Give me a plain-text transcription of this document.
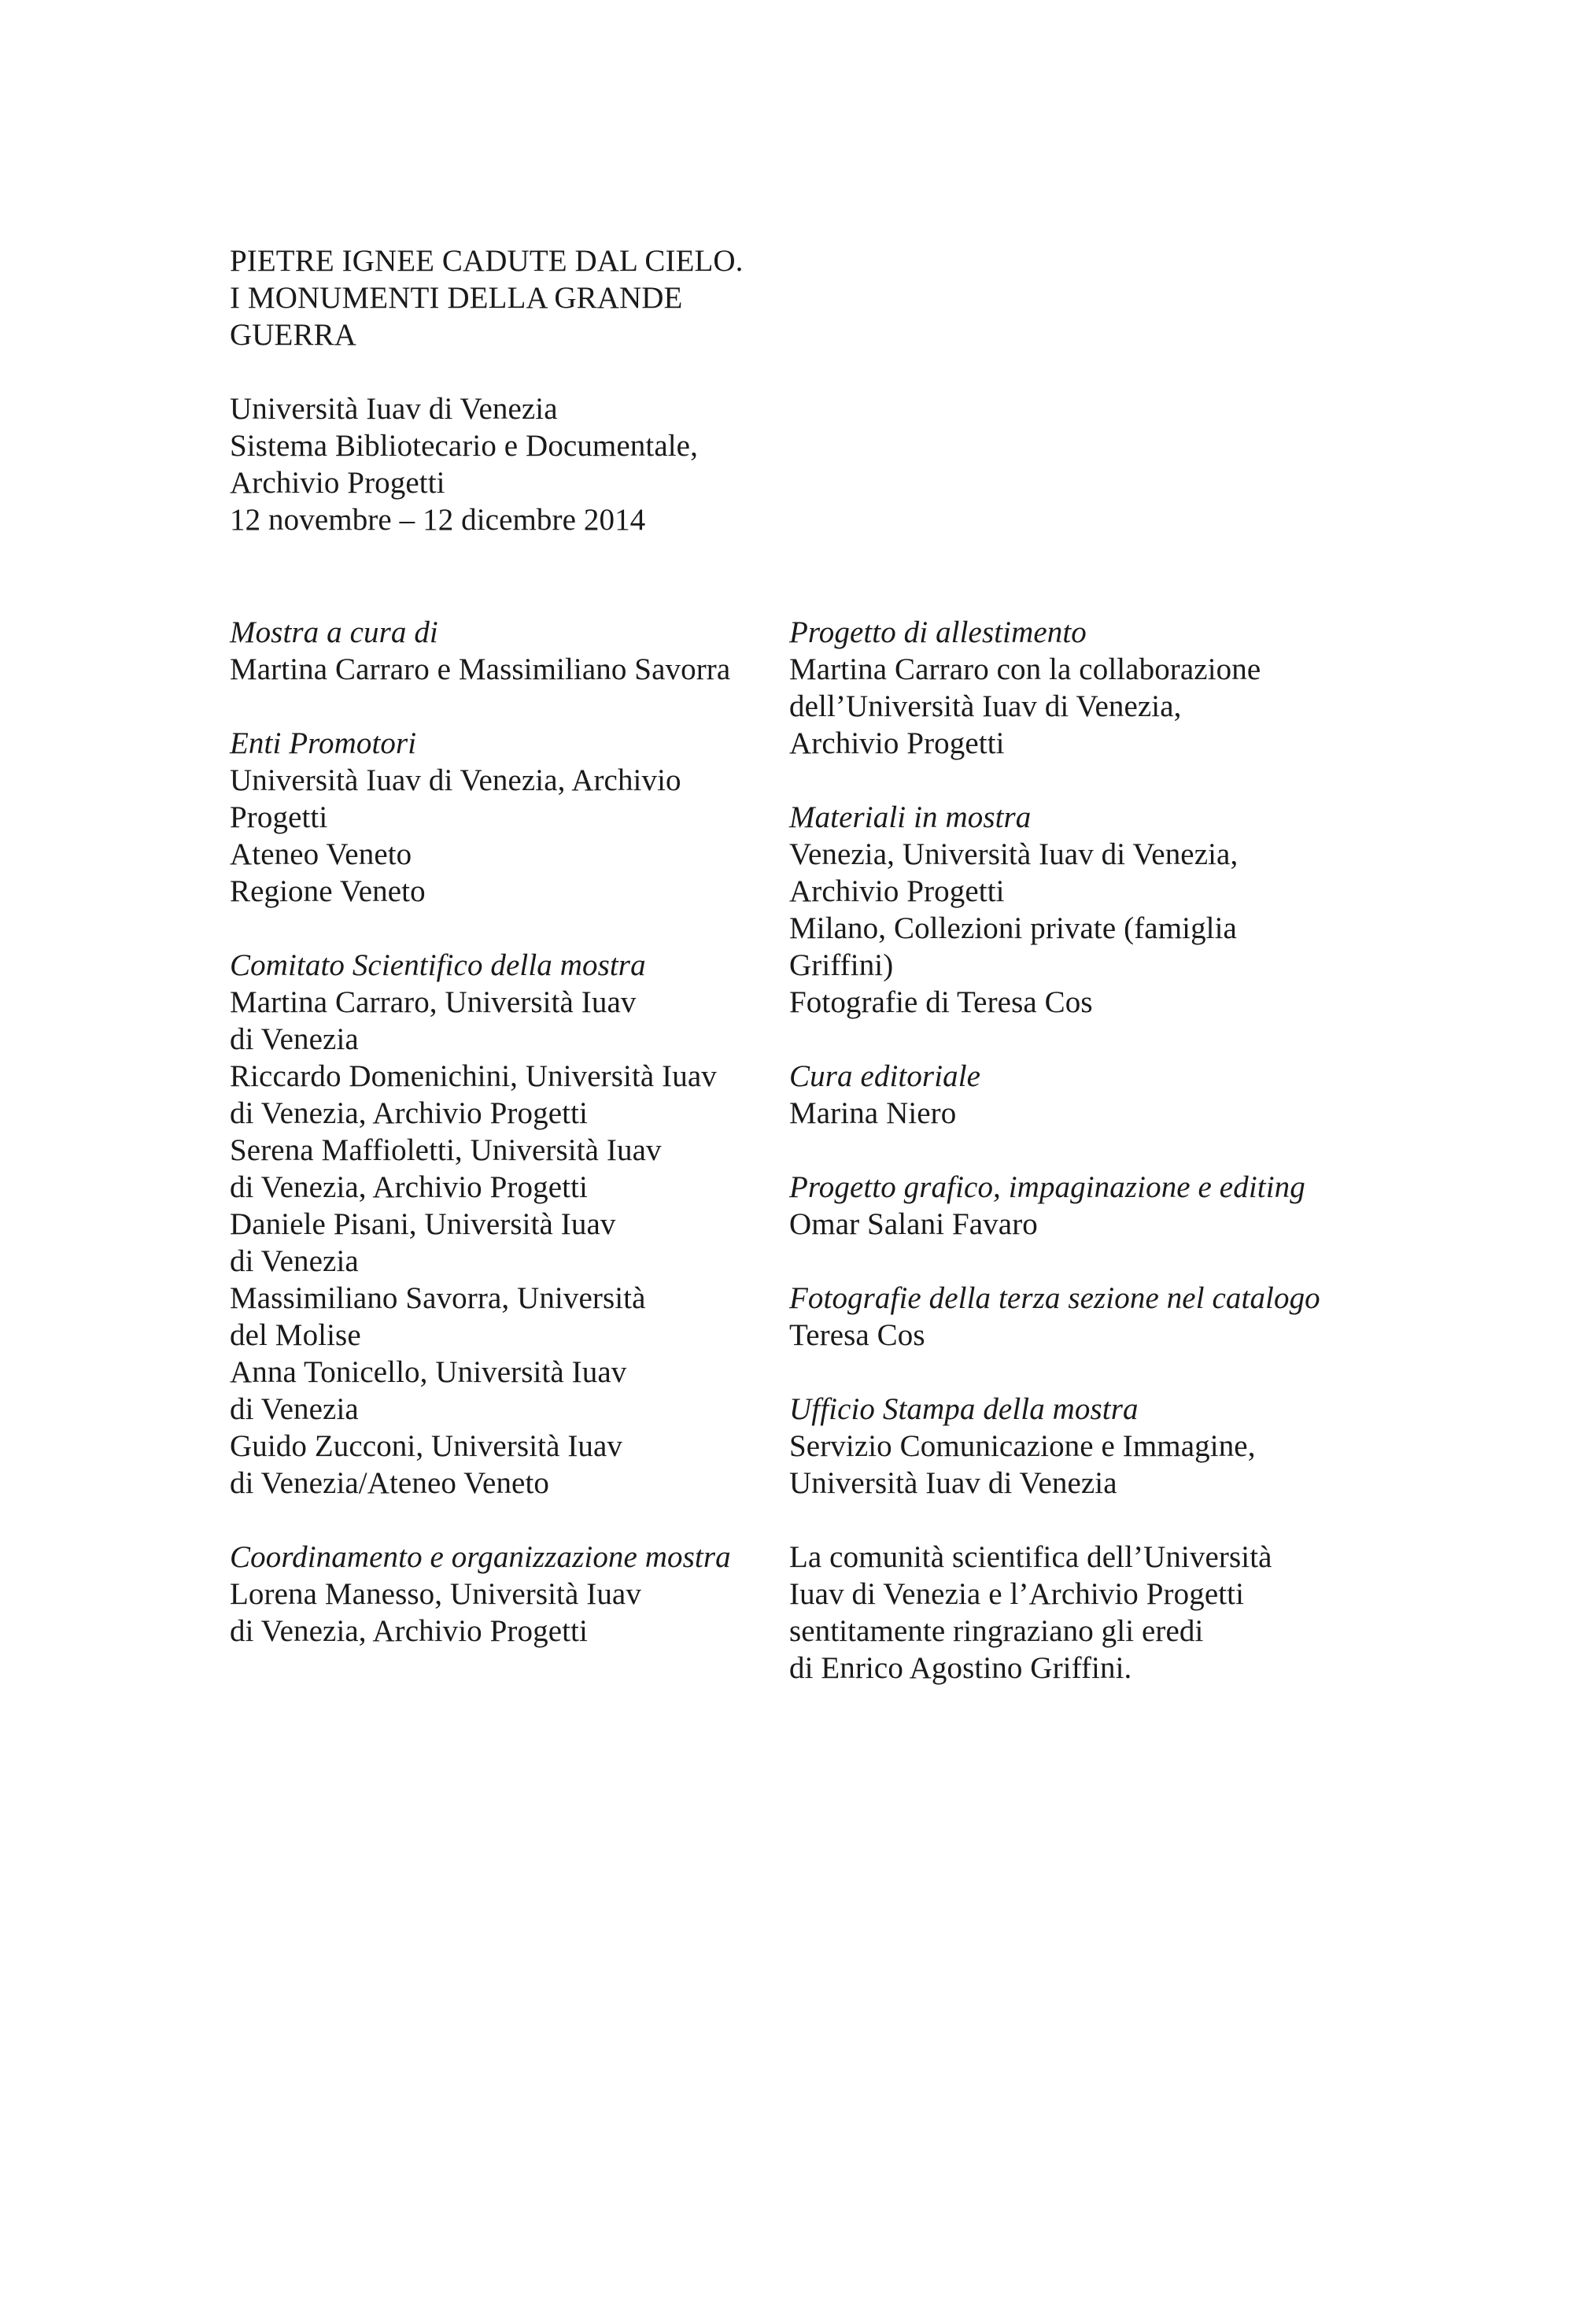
PIETRE IGNEE CADUTE DAL CIELO.
I MONUMENTI DELLA GRANDE
GUERRA
Università Iuav di Venezia
Sistema Bibliotecario e Documentale,
Archivio Progetti
12 novembre – 12 dicembre 2014
Mostra a cura di
Martina Carraro e Massimiliano Savorra
Enti Promotori
Università Iuav di Venezia, Archivio
Progetti
Ateneo Veneto
Regione Veneto
Comitato Scientifico della mostra
Martina Carraro, Università Iuav
di Venezia
Riccardo Domenichini, Università Iuav
di Venezia, Archivio Progetti
Serena Maffioletti, Università Iuav
di Venezia, Archivio Progetti
Daniele Pisani, Università Iuav
di Venezia
Massimiliano Savorra, Università
del Molise
Anna Tonicello, Università Iuav
di Venezia
Guido Zucconi, Università Iuav
di Venezia/Ateneo Veneto
Coordinamento e organizzazione mostra
Lorena Manesso, Università Iuav
di Venezia, Archivio Progetti
Progetto di allestimento
Martina Carraro con la collaborazione
dell’Università Iuav di Venezia,
Archivio Progetti
Materiali in mostra
Venezia, Università Iuav di Venezia,
Archivio Progetti
Milano, Collezioni private (famiglia
Griffini)
Fotografie di Teresa Cos
Cura editoriale
Marina Niero
Progetto grafico, impaginazione e editing
Omar Salani Favaro
Fotografie della terza sezione nel catalogo
Teresa Cos
Ufficio Stampa della mostra
Servizio Comunicazione e Immagine,
Università Iuav di Venezia
La comunità scientifica dell’Università
Iuav di Venezia e l’Archivio Progetti
sentitamente ringraziano gli eredi
di Enrico Agostino Griffini.
